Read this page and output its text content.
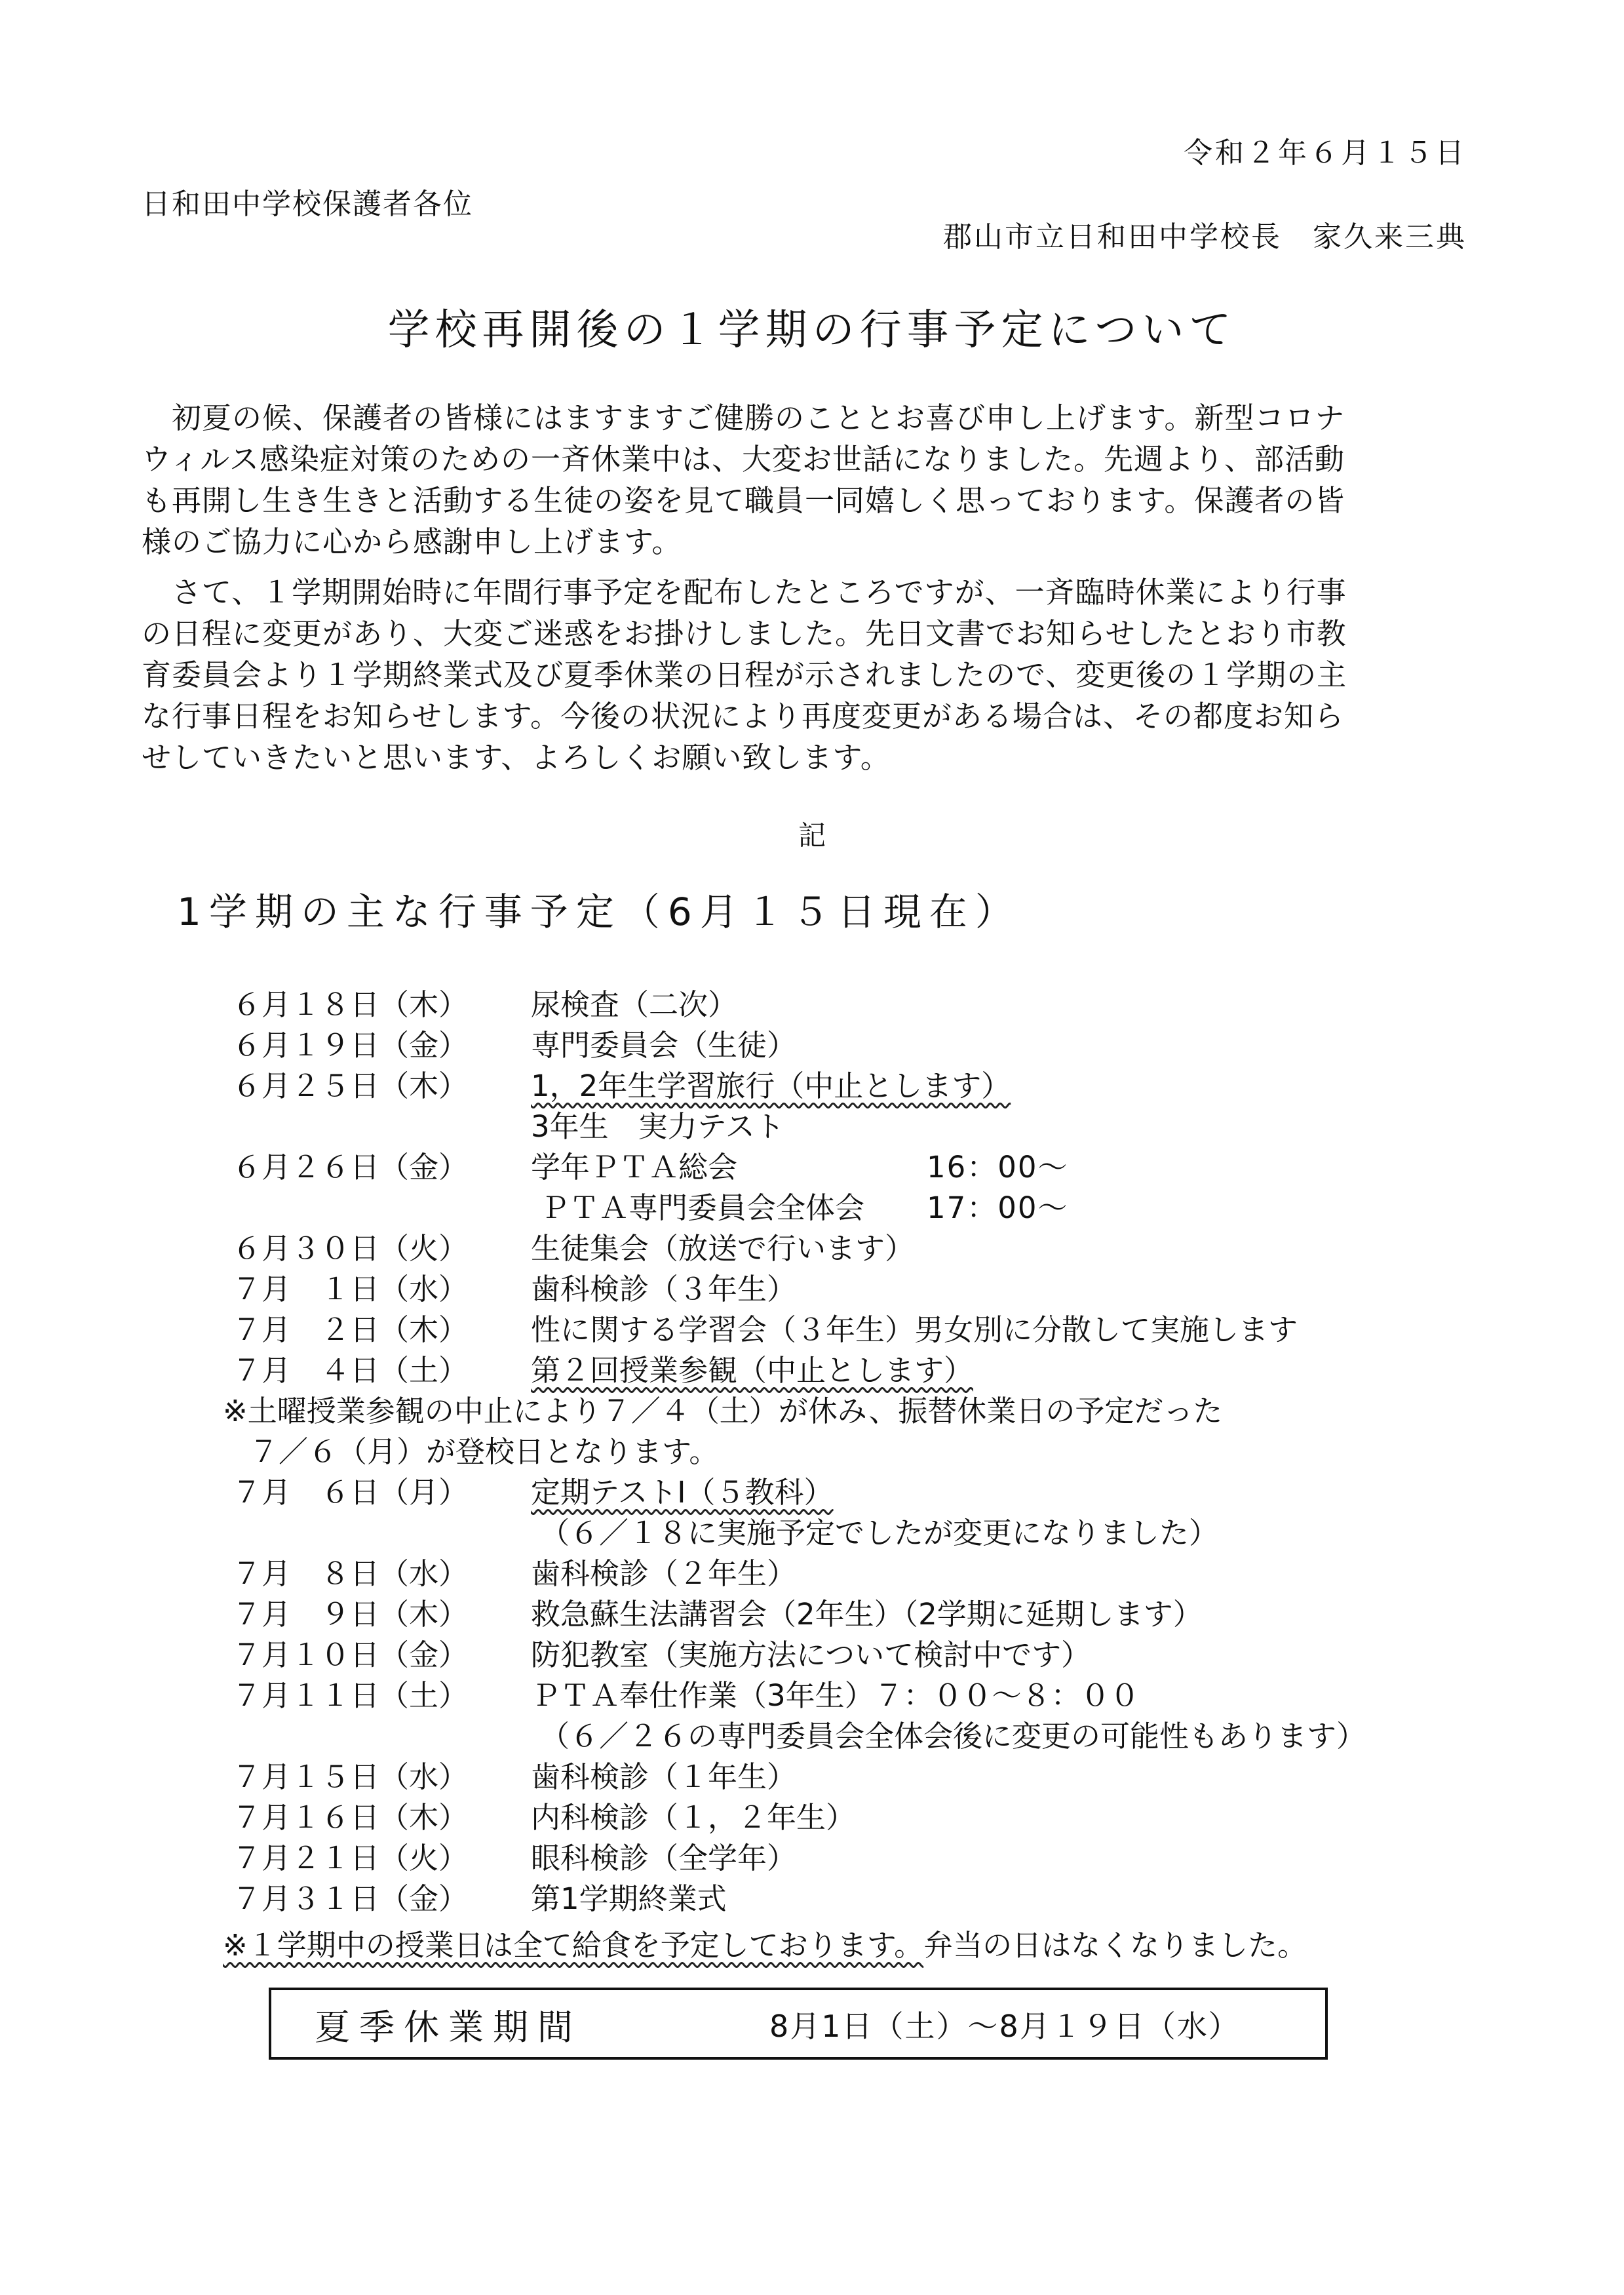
令和２年６月１５日
日和田中学校保護者各位
郡山市立日和田中学校長　家久来三典
学校再開後の１学期の行事予定について
　初夏の候、保護者の皆様にはますますご健勝のこととお喜び申し上げます。新型コロナ
ウィルス感染症対策のための一斉休業中は、大変お世話になりました。先週より、部活動
も再開し生き生きと活動する生徒の姿を見て職員一同嬉しく思っております。保護者の皆
様のご協力に心から感謝申し上げます。
　さて、１学期開始時に年間行事予定を配布したところですが、一斉臨時休業により行事
の日程に変更があり、大変ご迷惑をお掛けしました。先日文書でお知らせしたとおり市教
育委員会より１学期終業式及び夏季休業の日程が示されましたので、変更後の１学期の主
な行事日程をお知らせします。今後の状況により再度変更がある場合は、その都度お知ら
せしていきたいと思います、よろしくお願い致します。
記
1学期の主な行事予定（6月１５日現在）
６月１８日（木） 尿検査（二次）
６月１９日（金） 専門委員会（生徒）
６月２５日（木） 1，2年生学習旅行（中止とします）
3年生　実力テスト
６月２６日（金） 学年ＰＴＡ総会	16：00～
ＰＴＡ専門委員会全体会 17：00～
６月３０日（火） 生徒集会（放送で行います）
７月　１日（水） 歯科検診（３年生）
７月　２日（木） 性に関する学習会（３年生）男女別に分散して実施します
７月　４日（土） 第２回授業参観（中止とします）
※土曜授業参観の中止により７／４（土）が休み、振替休業日の予定だった
７／６（月）が登校日となります。
７月　６日（月） 定期テストⅠ（５教科）
（６／１８に実施予定でしたが変更になりました）
７月　８日（水） 歯科検診（２年生）
７月　９日（木） 救急蘇生法講習会（2年生）（2学期に延期します）
７月１０日（金） 防犯教室（実施方法について検討中です）
７月１１日（土） ＰＴＡ奉仕作業（3年生）７：００～８：００
（６／２６の専門委員会全体会後に変更の可能性もあります）
７月１５日（水） 歯科検診（１年生）
７月１６日（木） 内科検診（１，２年生）
７月２１日（火） 眼科検診（全学年）
７月３１日（金） 第1学期終業式
※１学期中の授業日は全て給食を予定しております。弁当の日はなくなりました。
夏季休業期間	8月1日（土）～8月１９日（水）
